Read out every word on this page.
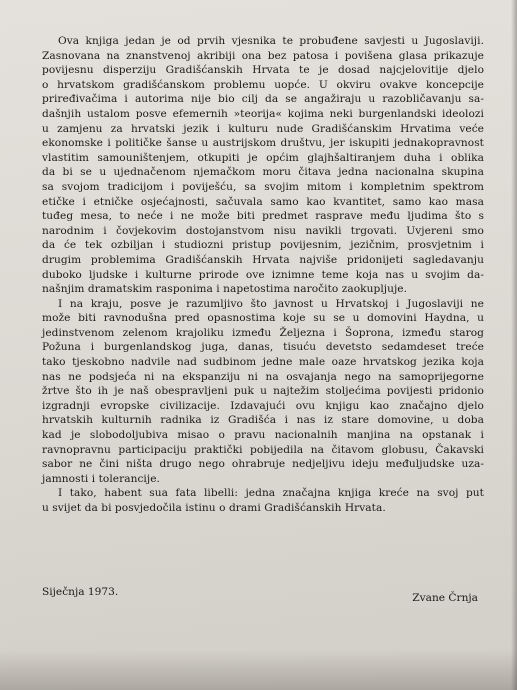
Ova knjiga jedan je od prvih vjesnika te probuđene savjesti u Jugoslaviji.
Zasnovana na znanstvenoj akribiji ona bez patosa i povišena glasa prikazuje
povijesnu disperziju Gradišćanskih Hrvata te je dosad najcjelovitije djelo
o hrvatskom gradišćanskom problemu uopće. U okviru ovakve koncepcije
priređivačima i autorima nije bio cilj da se angažiraju u razobličavanju sa-
dašnjih ustalom posve efemernih »teorija« kojima neki burgenlandski ideolozi
u zamjenu za hrvatski jezik i kulturu nude Gradišćanskim Hrvatima veće
ekonomske i političke šanse u austrijskom društvu, jer iskupiti jednakopravnost
vlastitim samouništenjem, otkupiti je općim glajhšaltiranjem duha i oblika
da bi se u ujednačenom njemačkom moru čitava jedna nacionalna skupina
sa svojom tradicijom i poviješću, sa svojim mitom i kompletnim spektrom
etičke i etničke osjećajnosti, sačuvala samo kao kvantitet, samo kao masa
tuđeg mesa, to neće i ne može biti predmet rasprave među ljudima što s
narodnim i čovjekovim dostojanstvom nisu navikli trgovati. Uvjereni smo
da će tek ozbiljan i studiozni pristup povijesnim, jezičnim, prosvjetnim i
drugim problemima Gradišćanskih Hrvata najviše pridonijeti sagledavanju
duboko ljudske i kulturne prirode ove iznimne teme koja nas u svojim da-
našnjim dramatskim rasponima i napetostima naročito zaokupljuje.

I na kraju, posve je razumljivo što javnost u Hrvatskoj i Jugoslaviji ne
može biti ravnodušna pred opasnostima koje su se u domovini Haydna, u
jedinstvenom zelenom krajoliku između Željezna i Šoprona, između starog
Požuna i burgenlandskog juga, danas, tisuću devetsto sedamdeset treće
tako tjeskobno nadvile nad sudbinom jedne male oaze hrvatskog jezika koja
nas ne podsjeća ni na ekspanziju ni na osvajanja nego na samoprijegorne
žrtve što ih je naš obespravljeni puk u najtežim stoljećima povijesti pridonio
izgradnji evropske civilizacije. Izdavajući ovu knjigu kao značajno djelo
hrvatskih kulturnih radnika iz Gradišća i nas iz stare domovine, u doba
kad je slobodoljubiva misao o pravu nacionalnih manjina na opstanak i
ravnopravnu participaciju praktički pobijedila na čitavom globusu, Čakavski
sabor ne čini ništa drugo nego ohrabruje nedjeljivu ideju međuljudske uza-
jamnosti i tolerancije.

I tako, habent sua fata libelli: jedna značajna knjiga kreće na svoj put
u svijet da bi posvjedočila istinu o drami Gradišćanskih Hrvata.

Siječnja 1973.	Zvane Črnja
